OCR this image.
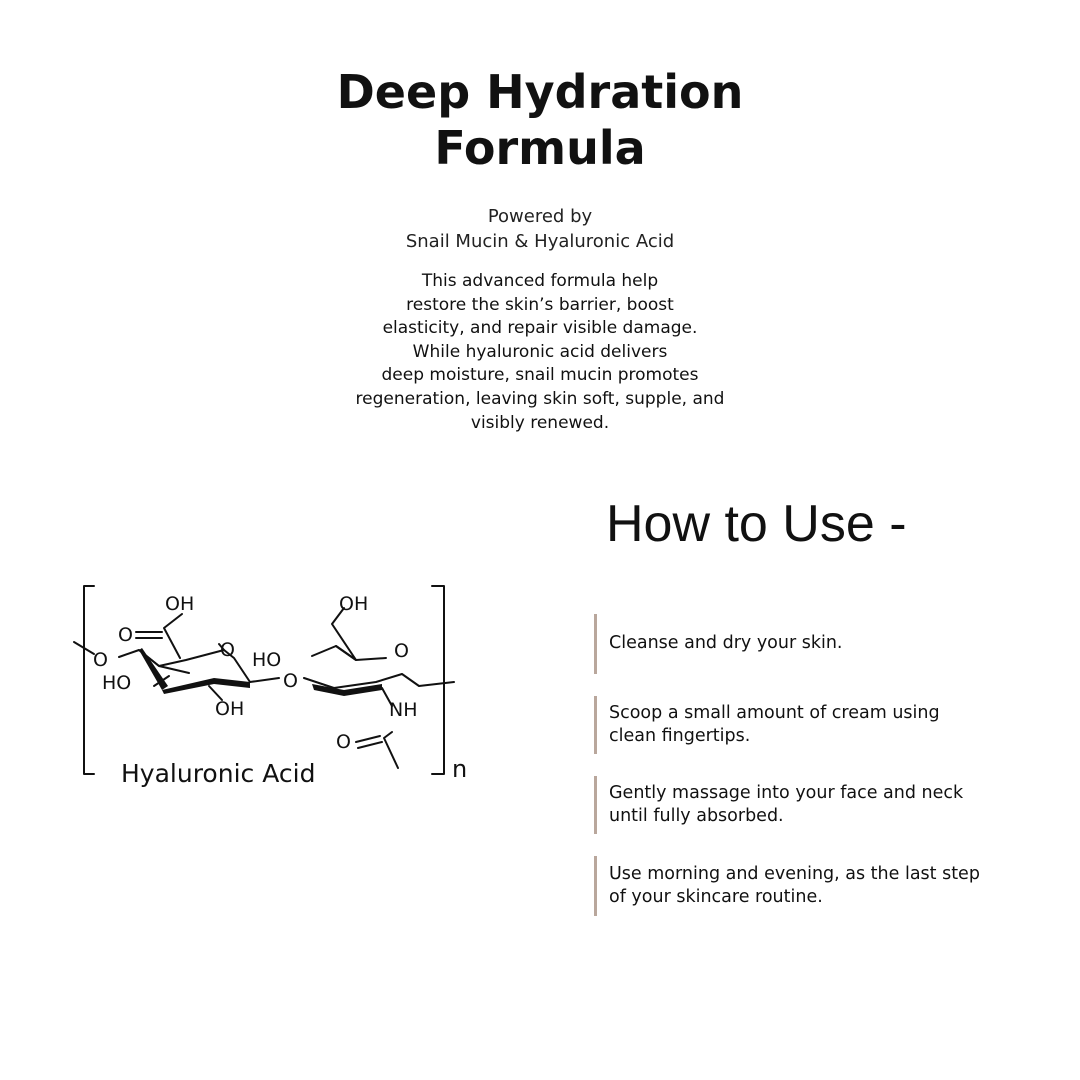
Deep Hydration
Formula
Powered by
Snail Mucin & Hyaluronic Acid
This advanced formula help
restore the skin’s barrier, boost
elasticity, and repair visible damage.
While hyaluronic acid delivers
deep moisture, snail mucin promotes
regeneration, leaving skin soft, supple, and
visibly renewed.
OH
O
O	O
HO
OH
HO
O
OH
O
NH
O
Hyaluronic Acid	n
How to Use -
Cleanse and dry your skin.
Scoop a small amount of cream using
clean fingertips.
Gently massage into your face and neck
until fully absorbed.
Use morning and evening, as the last step
of your skincare routine.
